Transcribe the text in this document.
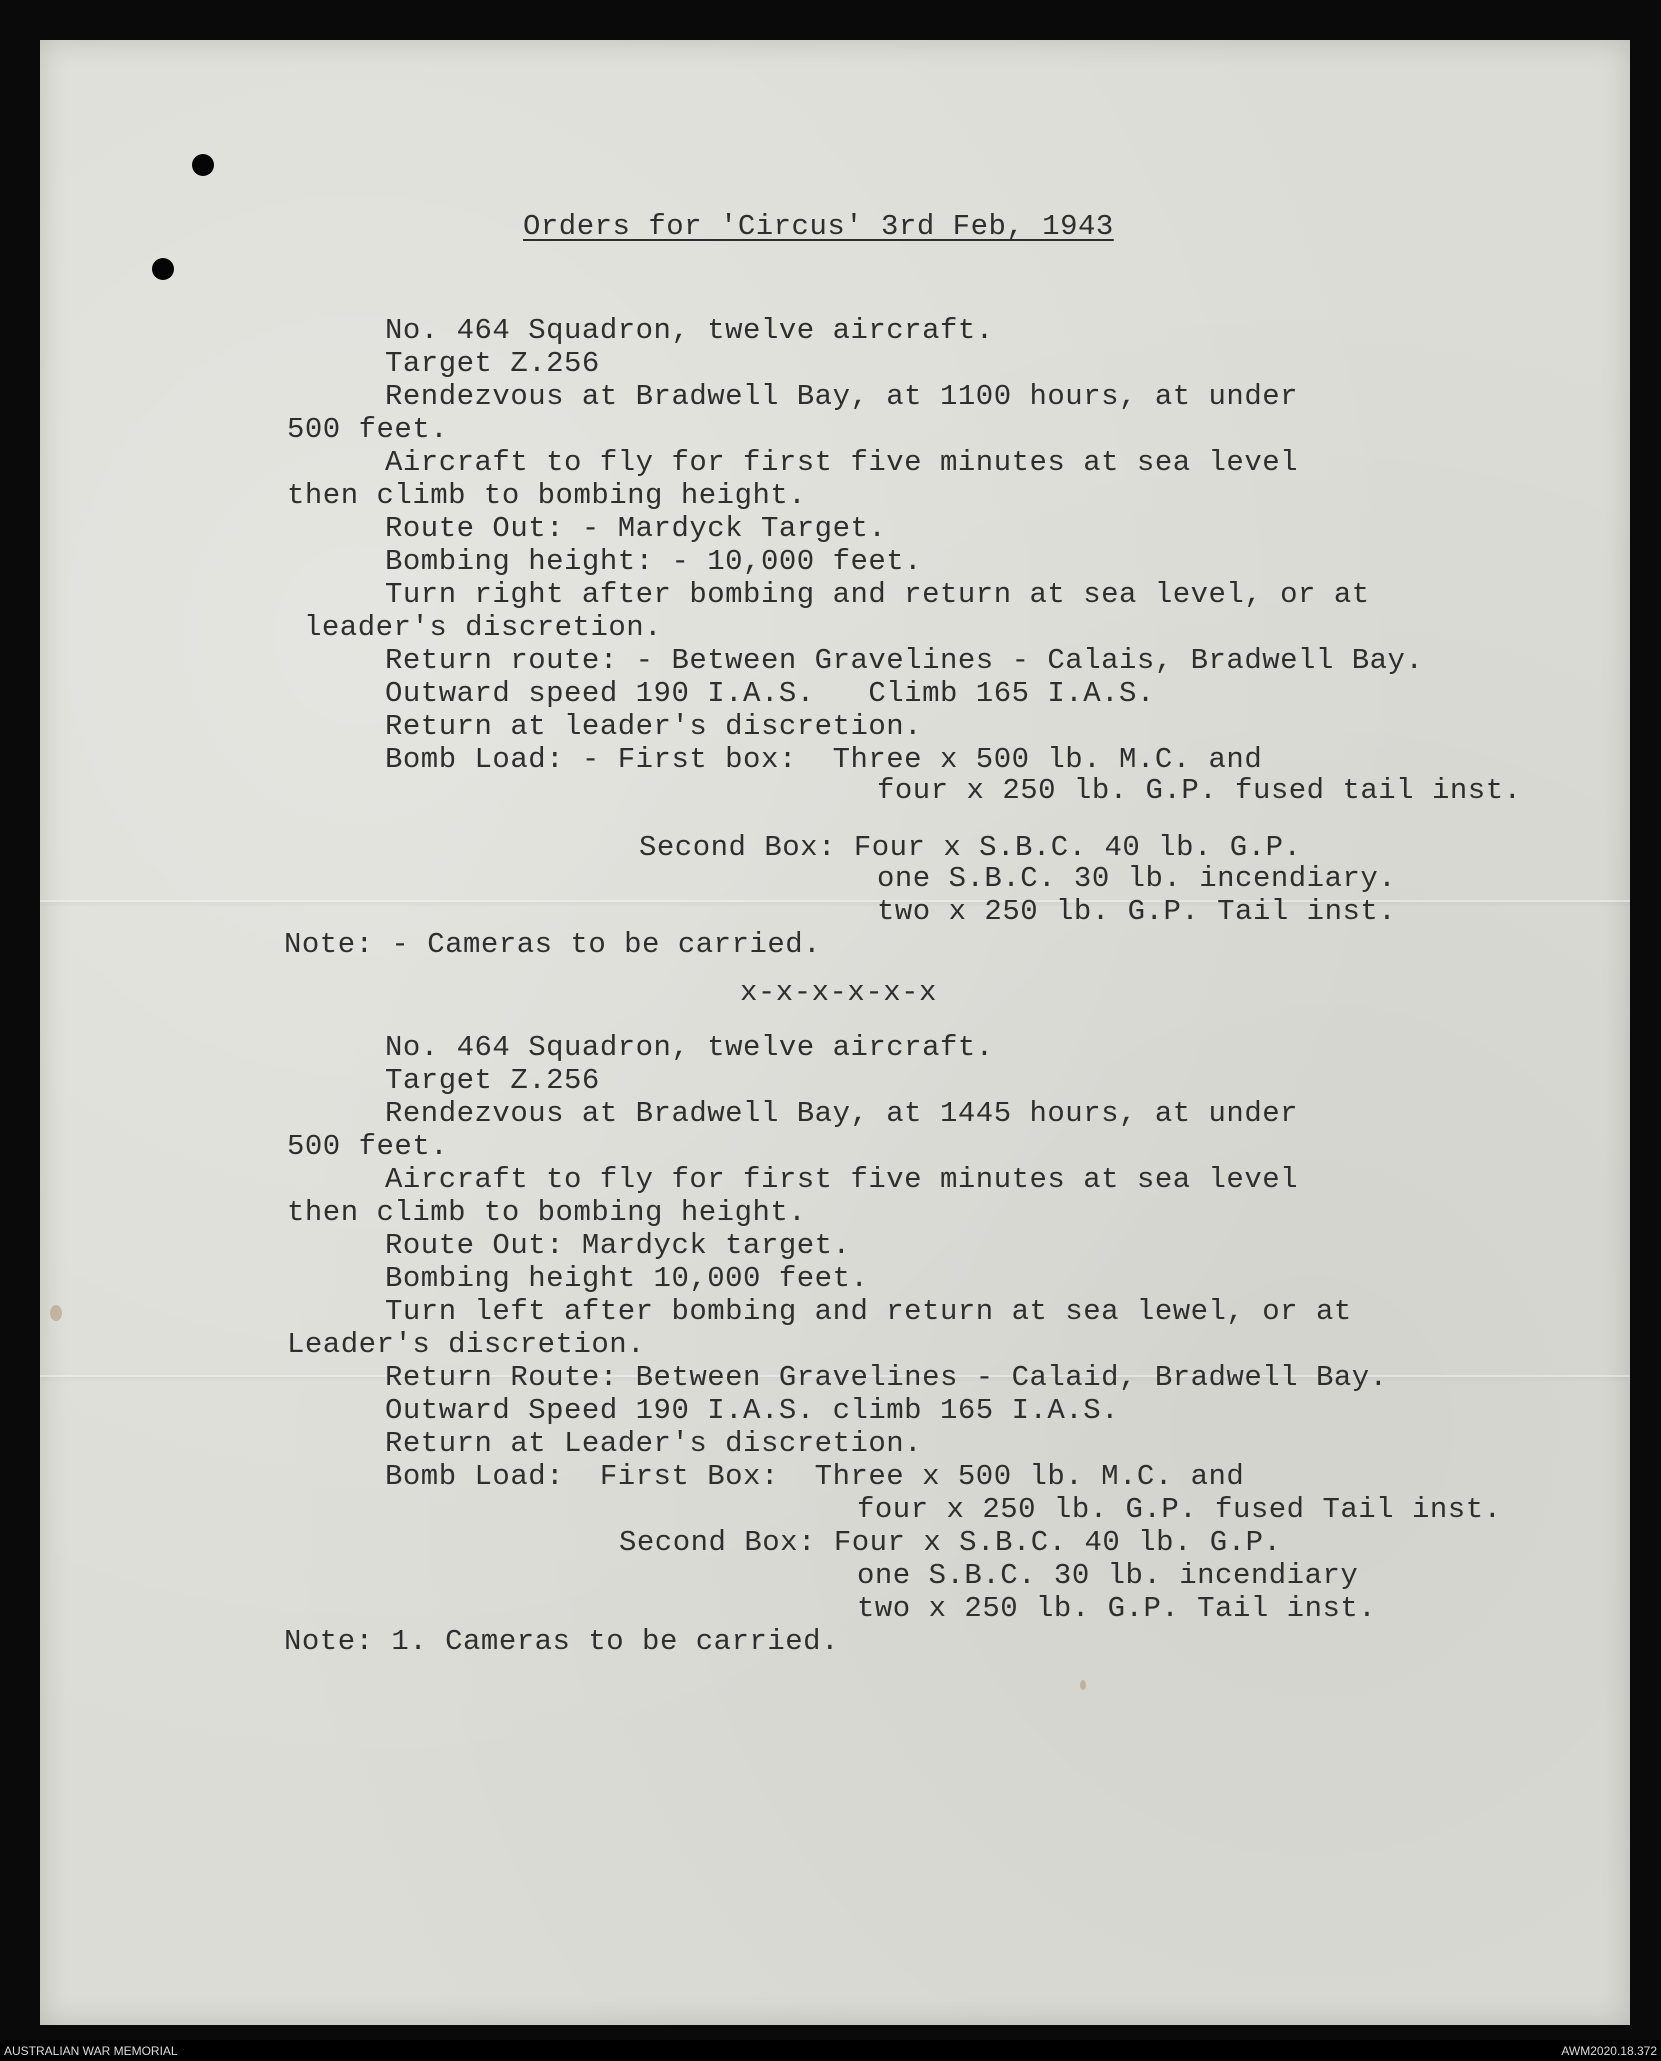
Orders for 'Circus' 3rd Feb, 1943
No. 464 Squadron, twelve aircraft.
Target Z.256
Rendezvous at Bradwell Bay, at 1100 hours, at under
500 feet.
Aircraft to fly for first five minutes at sea level
then climb to bombing height.
Route Out: - Mardyck Target.
Bombing height: - 10,000 feet.
Turn right after bombing and return at sea level, or at
leader's discretion.
Return route: - Between Gravelines - Calais, Bradwell Bay.
Outward speed 190 I.A.S.   Climb 165 I.A.S.
Return at leader's discretion.
Bomb Load: - First box:  Three x 500 lb. M.C. and
four x 250 lb. G.P. fused tail inst.
Second Box: Four x S.B.C. 40 lb. G.P.
one S.B.C. 30 lb. incendiary.
two x 250 lb. G.P. Tail inst.
Note: - Cameras to be carried.
x-x-x-x-x-x
No. 464 Squadron, twelve aircraft.
Target Z.256
Rendezvous at Bradwell Bay, at 1445 hours, at under
500 feet.
Aircraft to fly for first five minutes at sea level
then climb to bombing height.
Route Out: Mardyck target.
Bombing height 10,000 feet.
Turn left after bombing and return at sea lewel, or at
Leader's discretion.
Return Route: Between Gravelines - Calaid, Bradwell Bay.
Outward Speed 190 I.A.S. climb 165 I.A.S.
Return at Leader's discretion.
Bomb Load:  First Box:  Three x 500 lb. M.C. and
four x 250 lb. G.P. fused Tail inst.
Second Box: Four x S.B.C. 40 lb. G.P.
one S.B.C. 30 lb. incendiary
two x 250 lb. G.P. Tail inst.
Note: 1. Cameras to be carried.
AUSTRALIAN WAR MEMORIAL	AWM2020.18.372
